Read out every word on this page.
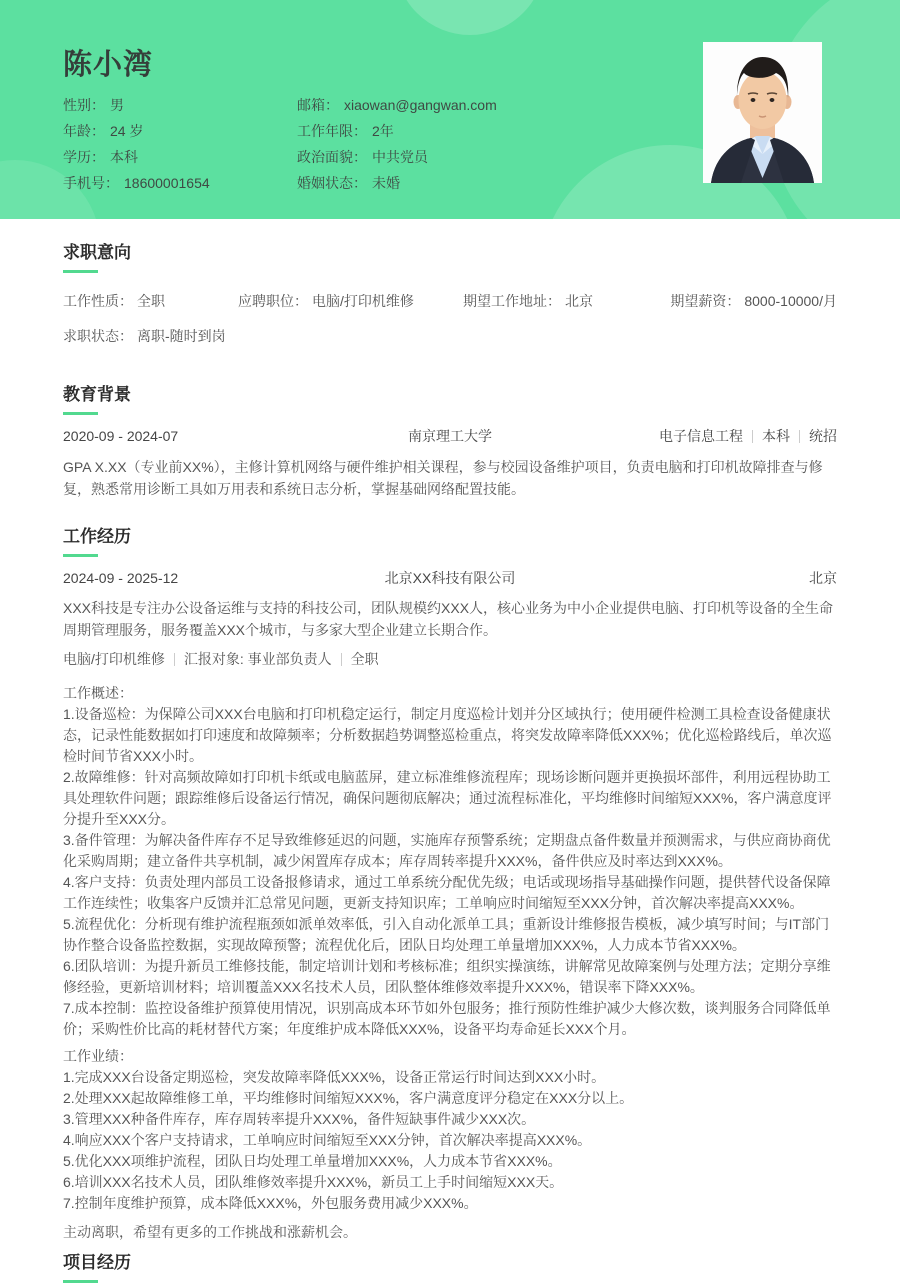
陈小湾
性别： 男
年龄： 24 岁
学历： 本科
手机号： 18600001654
邮箱： xiaowan@gangwan.com
工作年限： 2年
政治面貌： 中共党员
婚姻状态： 未婚
求职意向
工作性质： 全职	应聘职位： 电脑/打印机维修	期望工作地址： 北京	期望薪资： 8000-10000/月
求职状态： 离职-随时到岗
教育背景
2020-09 - 2024-07	南京理工大学	电子信息工程 本科 统招
GPA X.XX（专业前XX%），主修计算机网络与硬件维护相关课程，参与校园设备维护项目，负责电脑和打印机故障排查与修复，熟悉常用诊断工具如万用表和系统日志分析，掌握基础网络配置技能。
工作经历
2024-09 - 2025-12	北京XX科技有限公司	北京
XXX科技是专注办公设备运维与支持的科技公司，团队规模约XXX人，核心业务为中小企业提供电脑、打印机等设备的全生命周期管理服务，服务覆盖XXX个城市，与多家大型企业建立长期合作。
电脑/打印机维修 汇报对象: 事业部负责人 全职
工作概述：
1.设备巡检：为保障公司XXX台电脑和打印机稳定运行，制定月度巡检计划并分区域执行；使用硬件检测工具检查设备健康状态，记录性能数据如打印速度和故障频率；分析数据趋势调整巡检重点，将突发故障率降低XXX%；优化巡检路线后，单次巡检时间节省XXX小时。
2.故障维修：针对高频故障如打印机卡纸或电脑蓝屏，建立标准维修流程库；现场诊断问题并更换损坏部件，利用远程协助工具处理软件问题；跟踪维修后设备运行情况，确保问题彻底解决；通过流程标准化，平均维修时间缩短XXX%，客户满意度评分提升至XXX分。
3.备件管理：为解决备件库存不足导致维修延迟的问题，实施库存预警系统；定期盘点备件数量并预测需求，与供应商协商优化采购周期；建立备件共享机制，减少闲置库存成本；库存周转率提升XXX%，备件供应及时率达到XXX%。
4.客户支持：负责处理内部员工设备报修请求，通过工单系统分配优先级；电话或现场指导基础操作问题，提供替代设备保障工作连续性；收集客户反馈并汇总常见问题，更新支持知识库；工单响应时间缩短至XXX分钟，首次解决率提高XXX%。
5.流程优化：分析现有维护流程瓶颈如派单效率低，引入自动化派单工具；重新设计维修报告模板，减少填写时间；与IT部门协作整合设备监控数据，实现故障预警；流程优化后，团队日均处理工单量增加XXX%，人力成本节省XXX%。
6.团队培训：为提升新员工维修技能，制定培训计划和考核标准；组织实操演练，讲解常见故障案例与处理方法；定期分享维修经验，更新培训材料；培训覆盖XXX名技术人员，团队整体维修效率提升XXX%，错误率下降XXX%。
7.成本控制：监控设备维护预算使用情况，识别高成本环节如外包服务；推行预防性维护减少大修次数，谈判服务合同降低单价；采购性价比高的耗材替代方案；年度维护成本降低XXX%，设备平均寿命延长XXX个月。
工作业绩：
1.完成XXX台设备定期巡检，突发故障率降低XXX%，设备正常运行时间达到XXX小时。
2.处理XXX起故障维修工单，平均维修时间缩短XXX%，客户满意度评分稳定在XXX分以上。
3.管理XXX种备件库存，库存周转率提升XXX%，备件短缺事件减少XXX次。
4.响应XXX个客户支持请求，工单响应时间缩短至XXX分钟，首次解决率提高XXX%。
5.优化XXX项维护流程，团队日均处理工单量增加XXX%，人力成本节省XXX%。
6.培训XXX名技术人员，团队维修效率提升XXX%，新员工上手时间缩短XXX天。
7.控制年度维护预算，成本降低XXX%，外包服务费用减少XXX%。
主动离职，希望有更多的工作挑战和涨薪机会。
项目经历
